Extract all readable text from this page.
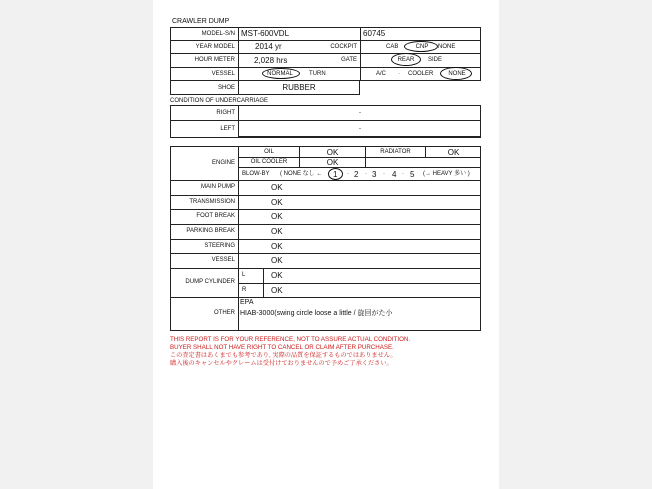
CRAWLER DUMP
MODEL-S/N MST-600VDL	60745
YEAR MODEL	2014 yr	COCKPIT	CAB	CNP	NONE
HOUR METER 2,028 hrs	GATE	REAR	SIDE
VESSEL	NORMAL	TURN	A/C · COOLER	NONE
SHOE	RUBBER
CONDITION OF UNDERCARRIAGE
RIGHT	-
LEFT	-
ENGINE
OIL	OK	RADIATOR	OK
OIL COOLER	OK
BLOW-BY ( NONE なし ← 1 · 2 · 3 · 4 · 5 (→ HEAVY 多い )
MAIN PUMP	OK
TRANSMISSION	OK
FOOT BREAK	OK
PARKING BREAK	OK
STEERING	OK
VESSEL	OK
DUMP CYLINDER
L	OK
R	OK
OTHER
EPA
HIAB-3000(swing circle loose a little / 旋回がた小
THIS REPORT IS FOR YOUR REFERENCE, NOT TO ASSURE ACTUAL CONDITION.
BUYER SHALL NOT HAVE RIGHT TO CANCEL OR CLAIM AFTER PURCHASE.
この査定書はあくまでも参考であり, 実際の品質を保証するものではありません。
購入後のキャンセルやクレームは受付けておりませんので予めご了承ください。
